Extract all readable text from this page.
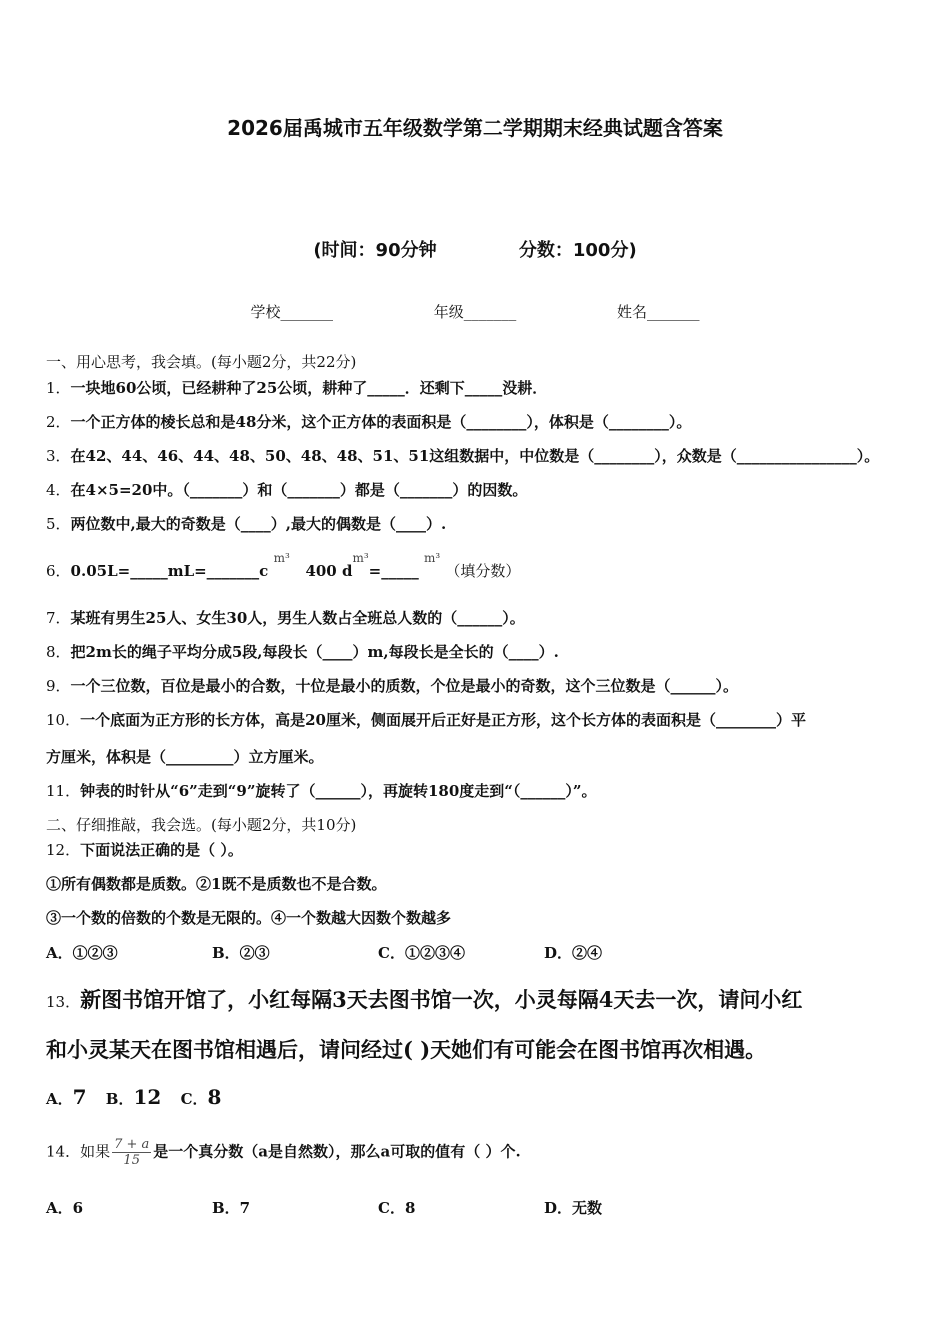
2026届禹城市五年级数学第二学期期末经典试题含答案
(时间：90分钟	分数：100分)
学校_______	年级_______	姓名_______
一、用心思考，我会填。(每小题2分，共22分)
1．一块地60公顷，已经耕种了25公顷，耕种了_____．还剩下_____没耕．
2．一个正方体的棱长总和是48分米，这个正方体的表面积是（________），体积是（________）。
3．在42、44、46、44、48、50、48、48、51、51这组数据中，中位数是（________），众数是（________________）。
4．在4×5=20中。（_______）和（_______）都是（_______）的因数。
5．两位数中,最大的奇数是（____）,最大的偶数是（____）.
6．0.05L=_____mL=_______c $^{m^3}$   400 $d^{m^3}=\_\_\_\_\_$ $^{m^3}$ （填分数）
7．某班有男生25人、女生30人，男生人数占全班总人数的（______）。
8．把2m长的绳子平均分成5段,每段长（____）m,每段长是全长的（____）.
9．一个三位数，百位是最小的合数，十位是最小的质数，个位是最小的奇数，这个三位数是（______）。
10．一个底面为正方形的长方体，高是20厘米，侧面展开后正好是正方形，这个长方体的表面积是（________）平
方厘米，体积是（_________）立方厘米。
11．钟表的时针从“6”走到“9”旋转了（______），再旋转180度走到“（______）”。
二、仔细推敲，我会选。(每小题2分，共10分)
12．下面说法正确的是（ ）。
①所有偶数都是质数。②1既不是质数也不是合数。
③一个数的倍数的个数是无限的。④一个数越大因数个数越多
A．①②③	B．②③	C．①②③④	D．②④
13．新图书馆开馆了，小红每隔3天去图书馆一次，小灵每隔4天去一次，请问小红
和小灵某天在图书馆相遇后，请问经过( )天她们有可能会在图书馆再次相遇。
A．7 B．12 C．8
14．如果 $\frac{7 + a}{15}$ 是一个真分数（a是自然数），那么a可取的值有（ ）个.
A．6	B．7	C．8	D．无数
